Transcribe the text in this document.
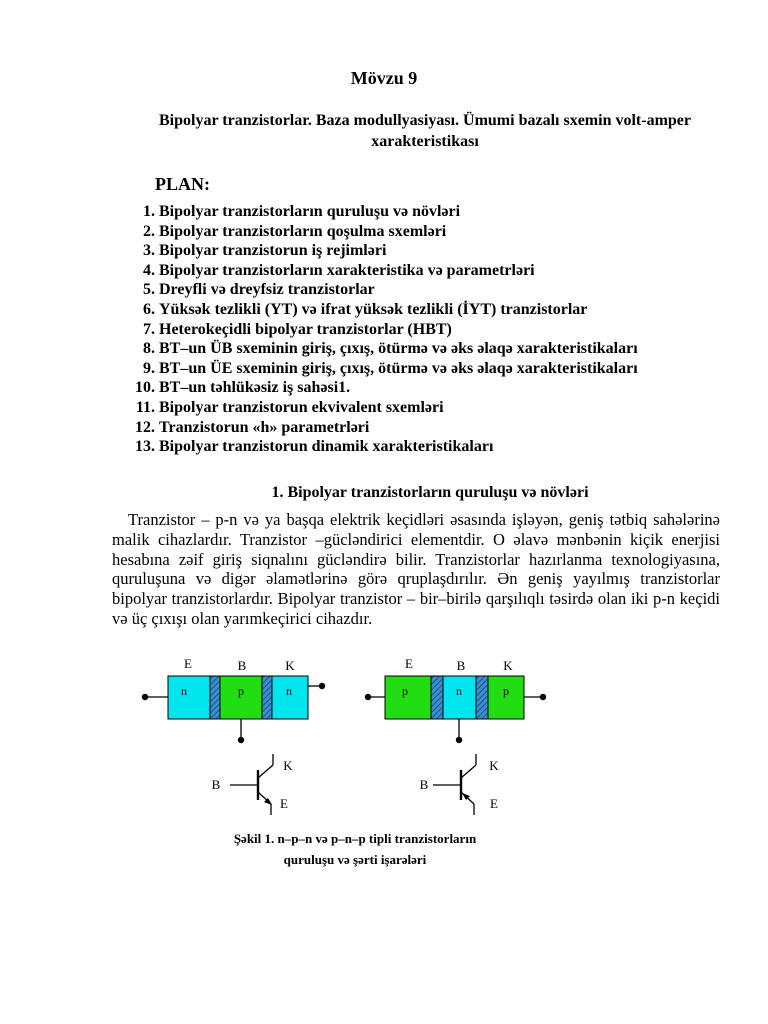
Mövzu 9
Bipolyar tranzistorlar. Baza modullyasiyası. Ümumi bazalı sxemin volt-amper xarakteristikası
PLAN:
1. Bipolyar tranzistorların quruluşu və növləri
2. Bipolyar tranzistorların qoşulma sxemləri
3. Bipolyar tranzistorun iş rejimləri
4. Bipolyar tranzistorların xarakteristika və parametrləri
5. Dreyfli və dreyfsiz tranzistorlar
6. Yüksək tezlikli (YT) və ifrat yüksək tezlikli (İYT) tranzistorlar
7. Heterokeçidli bipolyar tranzistorlar (HBT)
8. BT–un ÜB sxeminin giriş, çıxış, ötürmə və əks əlaqə xarakteristikaları
9. BT–un ÜE sxeminin giriş, çıxış, ötürmə və əks əlaqə xarakteristikaları
10. BT–un təhlükəsiz iş sahəsi1.
11. Bipolyar tranzistorun ekvivalent sxemləri
12. Tranzistorun «h» parametrləri
13. Bipolyar tranzistorun dinamik xarakteristikaları
1. Bipolyar tranzistorların quruluşu və növləri

Tranzistor – p-n və ya başqa elektrik keçidləri əsasında işləyən, geniş tətbiq sahələrinə malik cihazlardır. Tranzistor –gücləndirici elementdir. O əlavə mənbənin kiçik enerjisi hesabına zəif giriş siqnalını gücləndirə bilir. Tranzistorlar hazırlanma texnologiyasına, quruluşuna və digər əlamətlərinə görə qruplaşdırılır. Ən geniş yayılmış tranzistorlar bipolyar tranzistorlardır. Bipolyar tranzistor – bir–birilə qarşılıqlı təsirdə olan iki p-n keçidi və üç çıxışı olan yarımkeçirici cihazdır.

E	B	K
n	p	n
E	B	K
p	n	p
B
K
E
B
K
E
Şəkil 1. n–p–n və p–n–p tipli tranzistorların quruluşu və şərti işarələri
